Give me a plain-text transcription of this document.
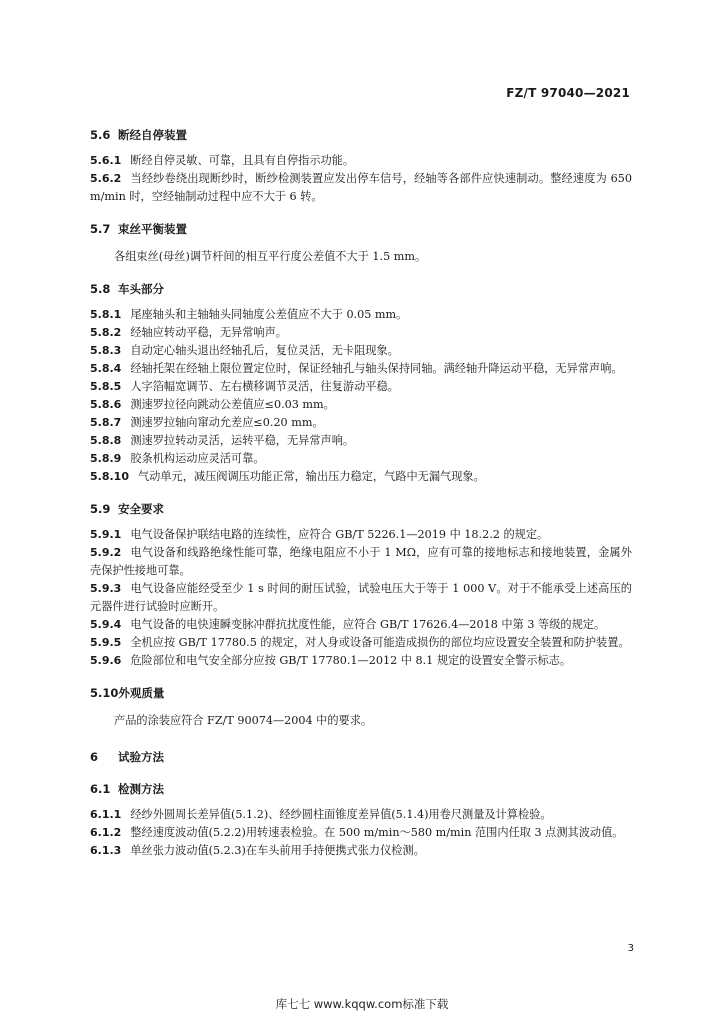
FZ/T 97040—2021
5.6 断经自停装置
5.6.1 断经自停灵敏、可靠，且具有自停指示功能。
5.6.2 当经纱卷绕出现断纱时，断纱检测装置应发出停车信号，经轴等各部件应快速制动。整经速度为 650 m/min 时，空经轴制动过程中应不大于 6 转。
5.7 束丝平衡装置
各组束丝(母丝)调节杆间的相互平行度公差值不大于 1.5 mm。
5.8 车头部分
5.8.1 尾座轴头和主轴轴头同轴度公差值应不大于 0.05 mm。
5.8.2 经轴应转动平稳，无异常响声。
5.8.3 自动定心轴头退出经轴孔后，复位灵活，无卡阻现象。
5.8.4 经轴托架在经轴上限位置定位时，保证经轴孔与轴头保持同轴。满经轴升降运动平稳，无异常声响。
5.8.5 人字箔幅宽调节、左右横移调节灵活，往复游动平稳。
5.8.6 测速罗拉径向跳动公差值应≤0.03 mm。
5.8.7 测速罗拉轴向窜动允差应≤0.20 mm。
5.8.8 测速罗拉转动灵活，运转平稳，无异常声响。
5.8.9 胶条机构运动应灵活可靠。
5.8.10 气动单元，减压阀调压功能正常，输出压力稳定，气路中无漏气现象。
5.9 安全要求
5.9.1 电气设备保护联结电路的连续性，应符合 GB/T 5226.1—2019 中 18.2.2 的规定。
5.9.2 电气设备和线路绝缘性能可靠，绝缘电阻应不小于 1 MΩ，应有可靠的接地标志和接地装置，金属外壳保护性接地可靠。
5.9.3 电气设备应能经受至少 1 s 时间的耐压试验，试验电压大于等于 1 000 V。对于不能承受上述高压的元器件进行试验时应断开。
5.9.4 电气设备的电快速瞬变脉冲群抗扰度性能，应符合 GB/T 17626.4—2018 中第 3 等级的规定。
5.9.5 全机应按 GB/T 17780.5 的规定，对人身或设备可能造成损伤的部位均应设置安全装置和防护装置。
5.9.6 危险部位和电气安全部分应按 GB/T 17780.1—2012 中 8.1 规定的设置安全警示标志。
5.10外观质量
产品的涂装应符合 FZ/T 90074—2004 中的要求。
6 试验方法
6.1 检测方法
6.1.1 经纱外圆周长差异值(5.1.2)、经纱圆柱面锥度差异值(5.1.4)用卷尺测量及计算检验。
6.1.2 整经速度波动值(5.2.2)用转速表检验。在 500 m/min～580 m/min 范围内任取 3 点测其波动值。
6.1.3 单丝张力波动值(5.2.3)在车头前用手持便携式张力仪检测。
3
库七七 www.kqqw.com标准下载
